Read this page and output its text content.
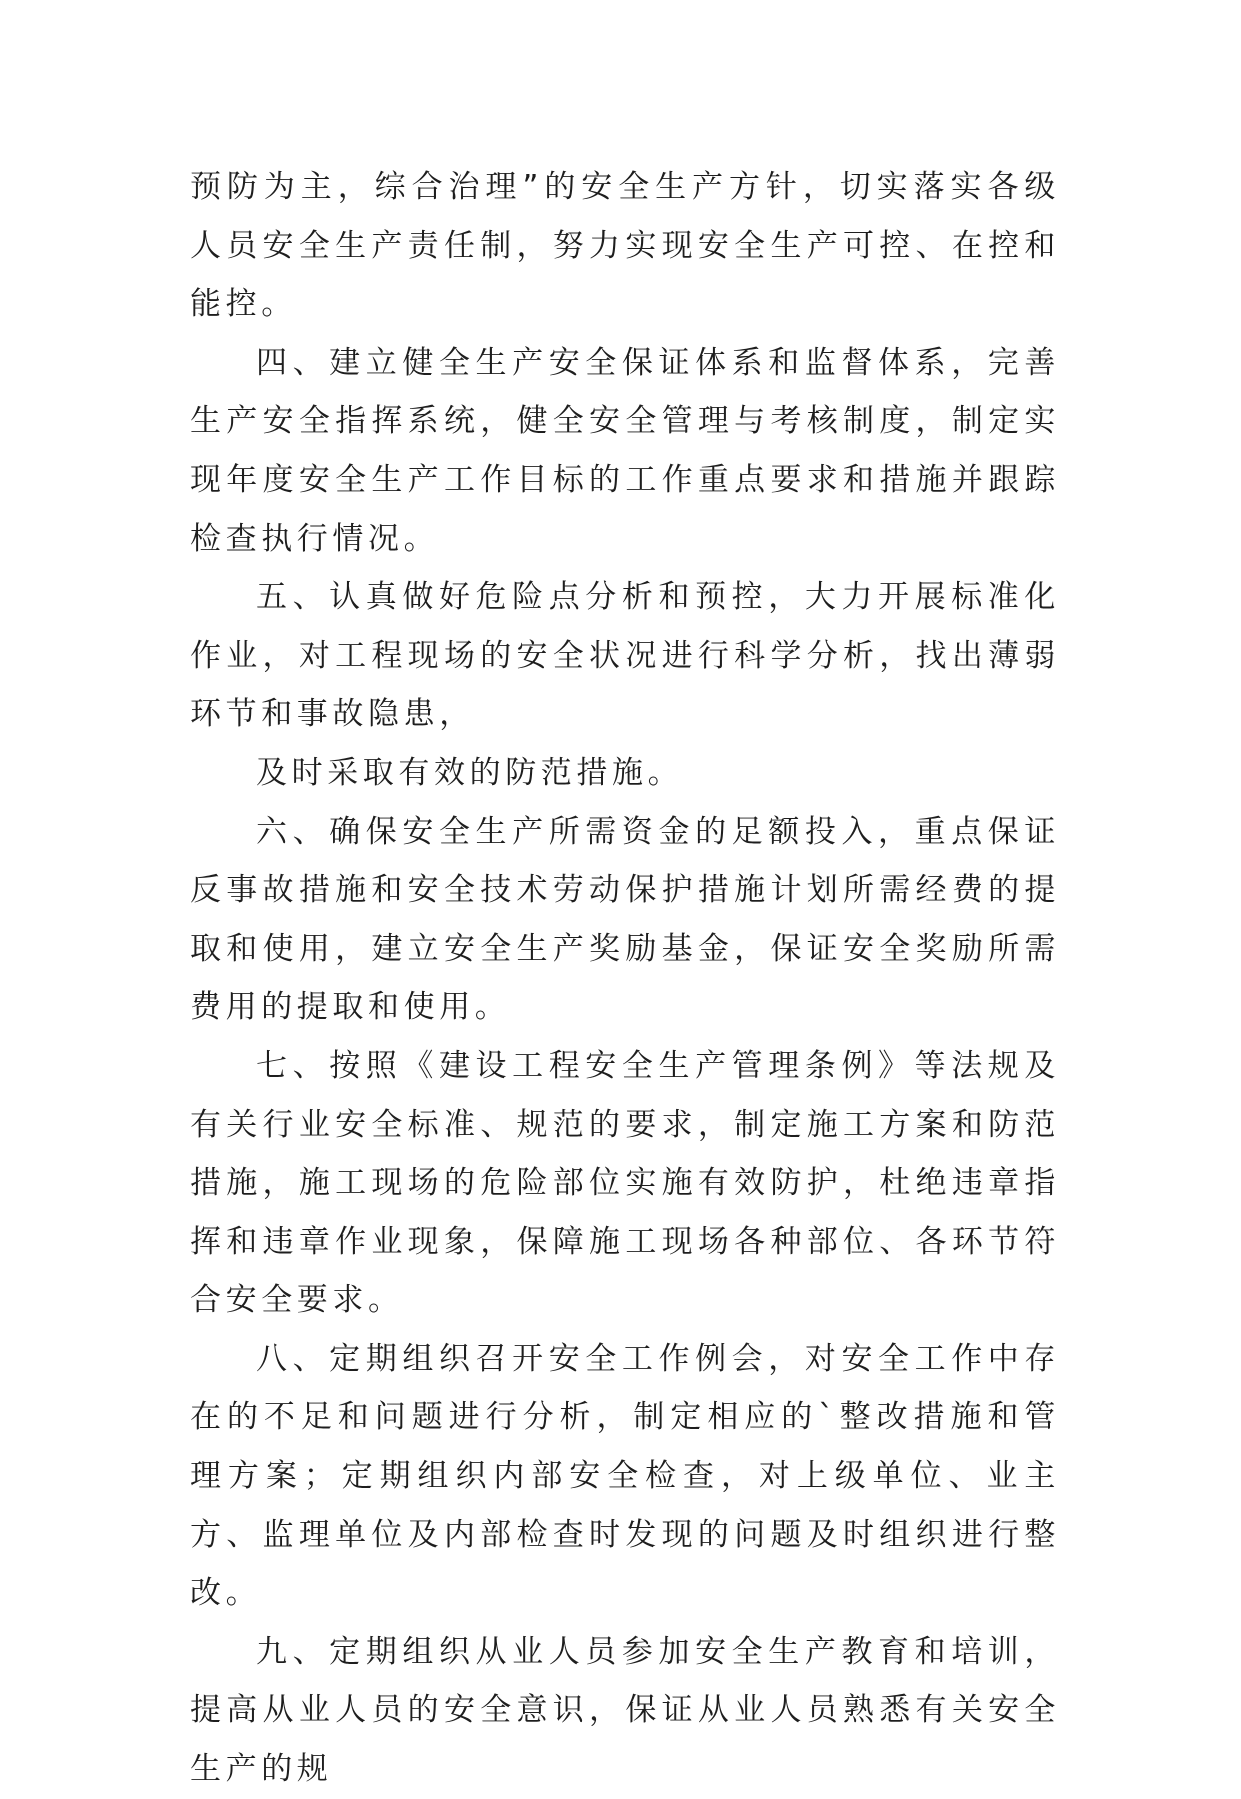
预防为主，综合治理”的安全生产方针，切实落实各级人员安全生产责任制，努力实现安全生产可控、在控和能控。

四、建立健全生产安全保证体系和监督体系，完善生产安全指挥系统，健全安全管理与考核制度，制定实现年度安全生产工作目标的工作重点要求和措施并跟踪检查执行情况。

五、认真做好危险点分析和预控，大力开展标准化作业，对工程现场的安全状况进行科学分析，找出薄弱环节和事故隐患，

及时采取有效的防范措施。

六、确保安全生产所需资金的足额投入，重点保证反事故措施和安全技术劳动保护措施计划所需经费的提取和使用，建立安全生产奖励基金，保证安全奖励所需费用的提取和使用。

七、按照《建设工程安全生产管理条例》等法规及有关行业安全标准、规范的要求，制定施工方案和防范措施，施工现场的危险部位实施有效防护，杜绝违章指挥和违章作业现象，保障施工现场各种部位、各环节符合安全要求。

八、定期组织召开安全工作例会，对安全工作中存在的不足和问题进行分析，制定相应的`整改措施和管理方案；定期组织内部安全检查，对上级单位、业主方、监理单位及内部检查时发现的问题及时组织进行整改。

九、定期组织从业人员参加安全生产教育和培训，提高从业人员的安全意识，保证从业人员熟悉有关安全生产的规
